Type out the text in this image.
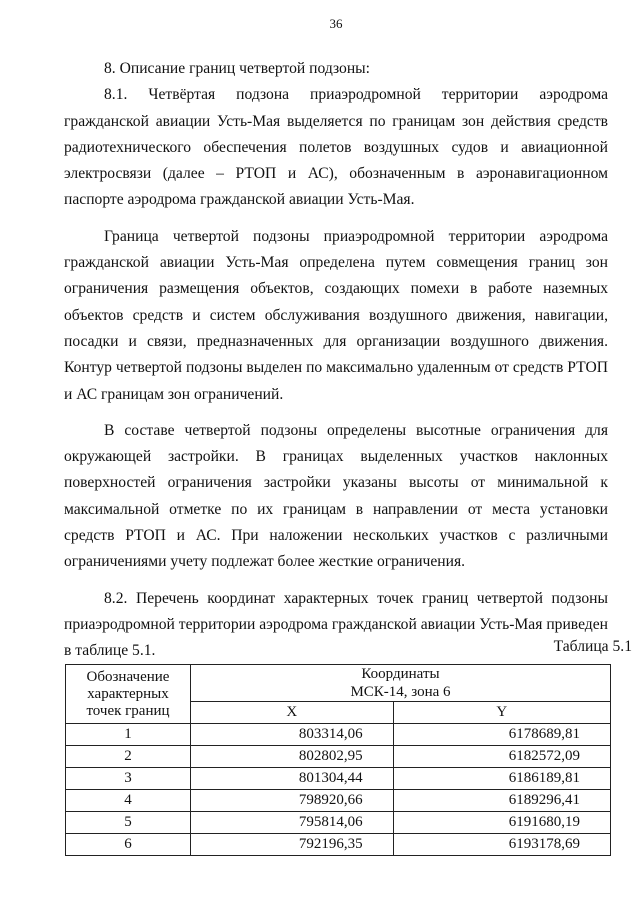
36

8. Описание границ четвертой подзоны:

8.1. Четвёртая подзона приаэродромной территории аэродрома гражданской авиации Усть-Мая выделяется по границам зон действия средств радиотехнического обеспечения полетов воздушных судов и авиационной электросвязи (далее – РТОП и АС), обозначенным в аэронавигационном паспорте аэродрома гражданской авиации Усть-Мая.

Граница четвертой подзоны приаэродромной территории аэродрома гражданской авиации Усть-Мая определена путем совмещения границ зон ограничения размещения объектов, создающих помехи в работе наземных объектов средств и систем обслуживания воздушного движения, навигации, посадки и связи, предназначенных для организации воздушного движения. Контур четвертой подзоны выделен по максимально удаленным от средств РТОП и АС границам зон ограничений.

В составе четвертой подзоны определены высотные ограничения для окружающей застройки. В границах выделенных участков наклонных поверхностей ограничения застройки указаны высоты от минимальной к максимальной отметке по их границам в направлении от места установки средств РТОП и АС. При наложении нескольких участков с различными ограничениями учету подлежат более жесткие ограничения.

8.2. Перечень координат характерных точек границ четвертой подзоны приаэродромной территории аэродрома гражданской авиации Усть-Мая приведен в таблице 5.1.	Таблица 5.1
Обозначение характерных точек границ	Координаты
МСК-14, зона 6	
	X	Y
1	803314,06	6178689,81
2	802802,95	6182572,09
3	801304,44	6186189,81
4	798920,66	6189296,41
5	795814,06	6191680,19
6	792196,35	6193178,69
